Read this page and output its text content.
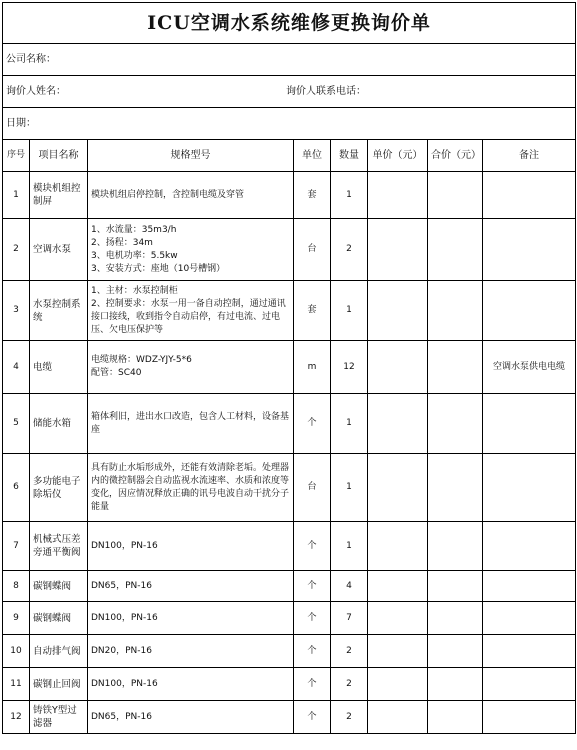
ICU空调水系统维修更换询价单							
公司名称：							
询价人姓名： 询价人联系电话：							

日期：							
序号	项目名称	规格型号	单位	数量	单价（元）	合价（元）	备注
1	模块机组控制屏	模块机组启停控制，含控制电缆及穿管	套	1			
2	空调水泵	1、水流量：35m3/h
2、扬程：34m
3、电机功率：5.5kw
3、安装方式：座地（10号槽钢）	台	2			
3	水泵控制系统	1、主材：水泵控制柜
2、控制要求：水泵一用一备自动控制，通过通讯接口接线，收到指令自动启停，有过电流、过电压、欠电压保护等	套	1			
4	电缆	电缆规格：WDZ-YJY-5*6
配管：SC40	m	12			空调水泵供电电缆
5	储能水箱	箱体利旧，进出水口改造，包含人工材料，设备基座	个	1			
6	多功能电子除垢仪	具有防止水垢形成外，还能有效清除老垢。处理器内的微控制器会自动监视水流速率、水质和浓度等变化，因应情况释放正确的讯号电波自动干扰分子能量	台	1			
7	机械式压差旁通平衡阀	DN100，PN-16	个	1			
8	碳钢蝶阀	DN65，PN-16	个	4			
9	碳钢蝶阀	DN100，PN-16	个	7			
10	自动排气阀	DN20，PN-16	个	2			
11	碳钢止回阀	DN100，PN-16	个	2			
12	铸铁Y型过滤器	DN65，PN-16	个	2			
